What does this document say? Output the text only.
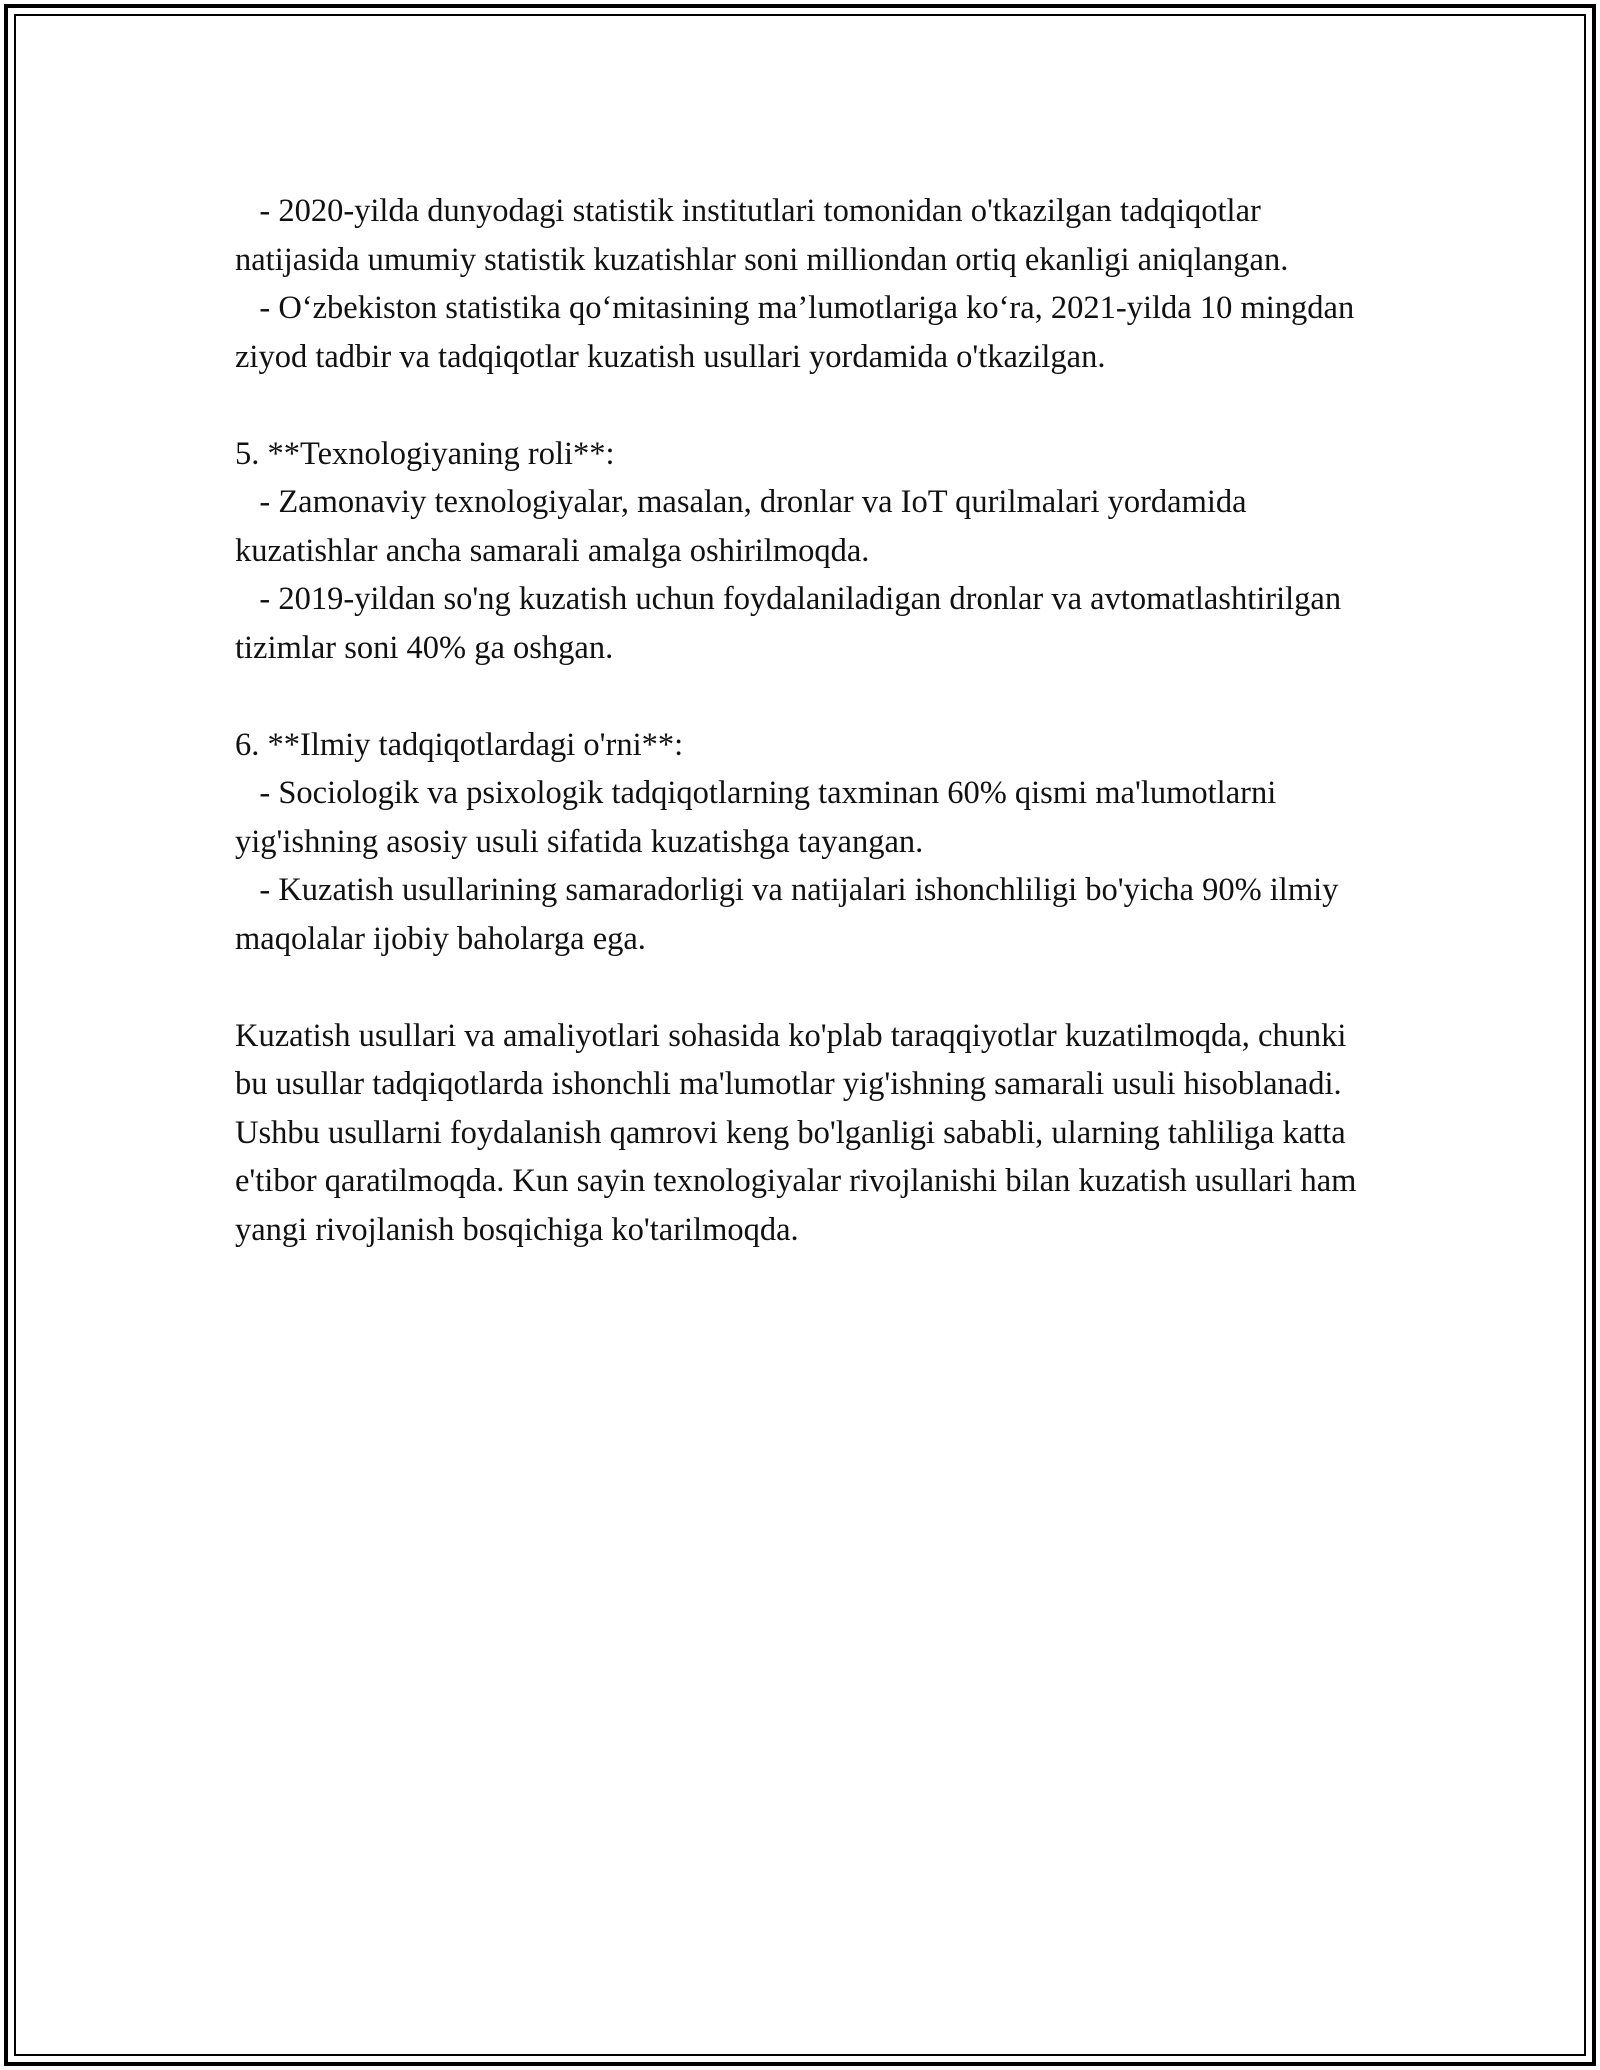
- 2020-yilda dunyodagi statistik institutlari tomonidan o'tkazilgan tadqiqotlar natijasida umumiy statistik kuzatishlar soni milliondan ortiq ekanligi aniqlangan.

- O‘zbekiston statistika qo‘mitasining ma’lumotlariga ko‘ra, 2021-yilda 10 mingdan ziyod tadbir va tadqiqotlar kuzatish usullari yordamida o'tkazilgan.

5. **Texnologiyaning roli**:

- Zamonaviy texnologiyalar, masalan, dronlar va IoT qurilmalari yordamida kuzatishlar ancha samarali amalga oshirilmoqda.

- 2019-yildan so'ng kuzatish uchun foydalaniladigan dronlar va avtomatlashtirilgan tizimlar soni 40% ga oshgan.

6. **Ilmiy tadqiqotlardagi o'rni**:

- Sociologik va psixologik tadqiqotlarning taxminan 60% qismi ma'lumotlarni yig'ishning asosiy usuli sifatida kuzatishga tayangan.

- Kuzatish usullarining samaradorligi va natijalari ishonchliligi bo'yicha 90% ilmiy maqolalar ijobiy baholarga ega.

Kuzatish usullari va amaliyotlari sohasida ko'plab taraqqiyotlar kuzatilmoqda, chunki bu usullar tadqiqotlarda ishonchli ma'lumotlar yig'ishning samarali usuli hisoblanadi. Ushbu usullarni foydalanish qamrovi keng bo'lganligi sababli, ularning tahliliga katta e'tibor qaratilmoqda. Kun sayin texnologiyalar rivojlanishi bilan kuzatish usullari ham yangi rivojlanish bosqichiga ko'tarilmoqda.
